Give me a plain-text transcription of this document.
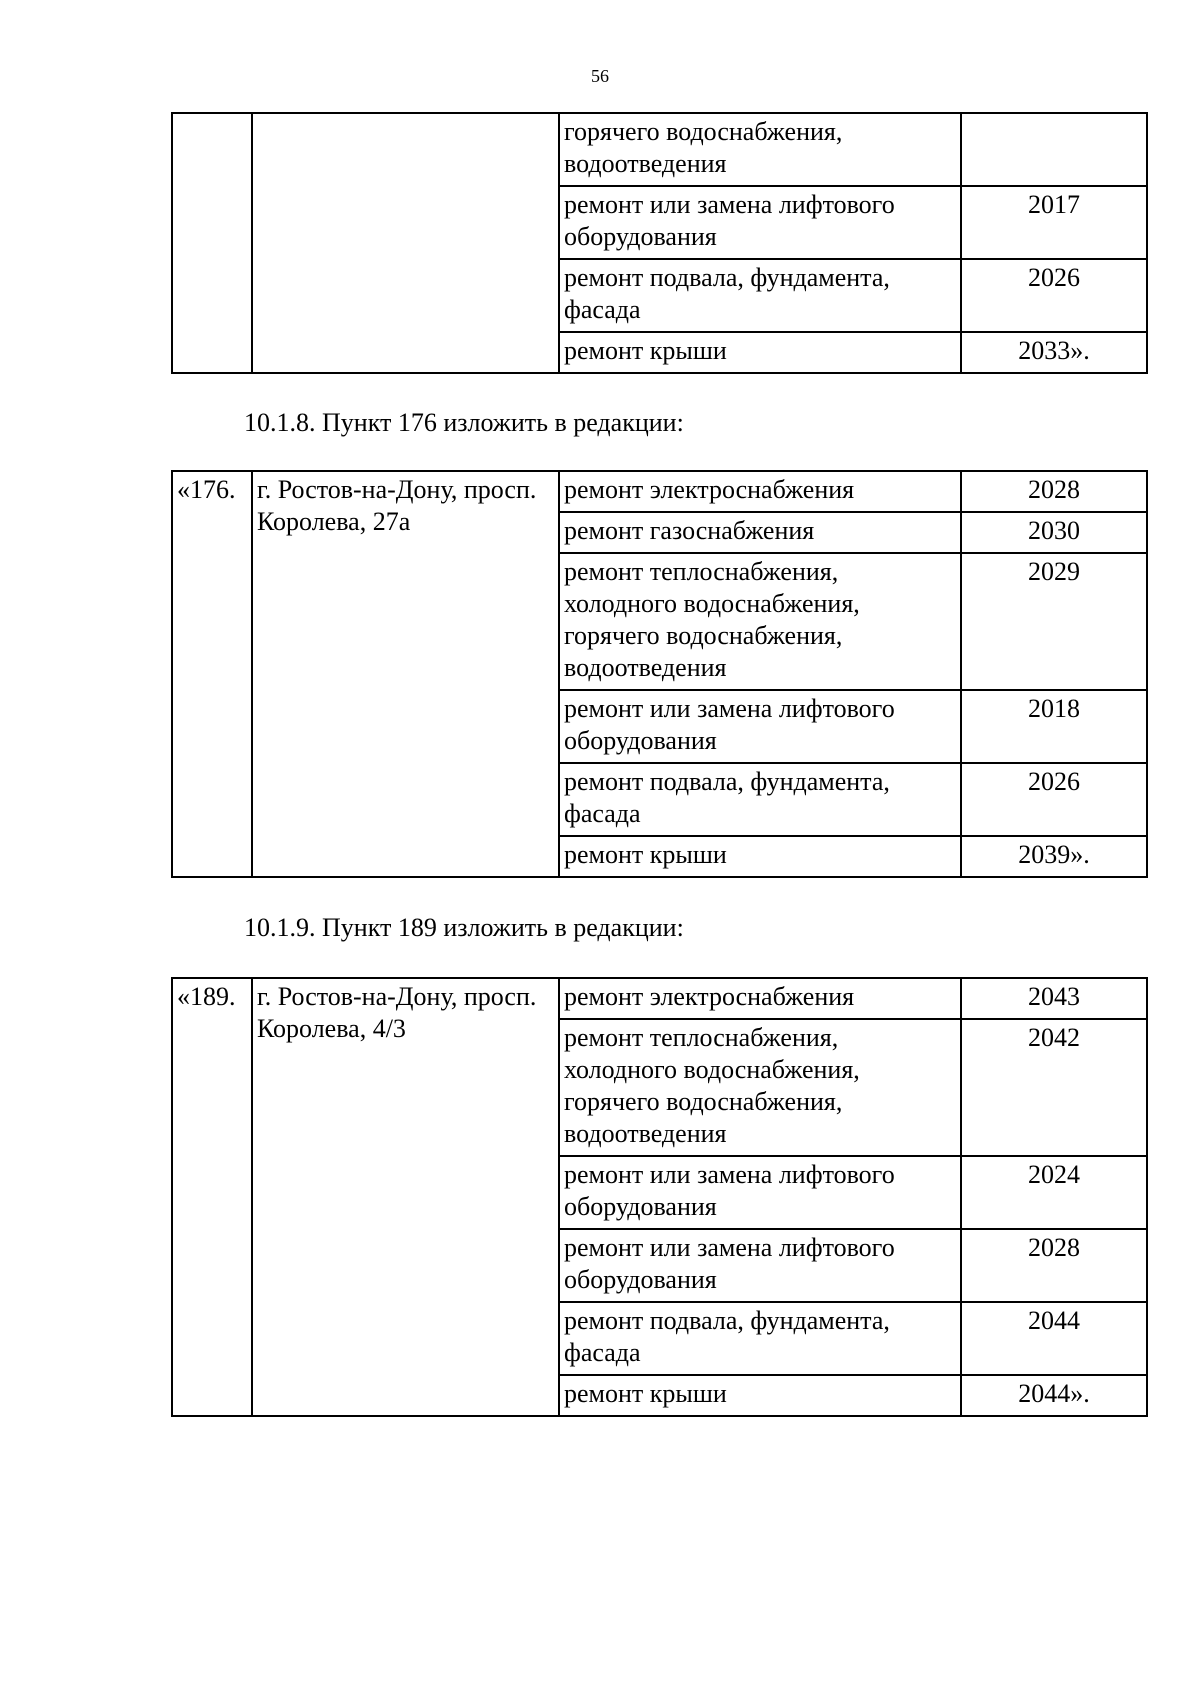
56
		горячего водоснабжения, водоотведения	
		ремонт или замена лифтового оборудования	2017
		ремонт подвала, фундамента, фасада	2026
		ремонт крыши	2033».
10.1.8. Пункт 176 изложить в редакции:
«176.	г. Ростов-на-Дону, просп. Королева, 27а	ремонт электроснабжения	2028
		ремонт газоснабжения	2030
		ремонт теплоснабжения, холодного водоснабжения, горячего водоснабжения, водоотведения	2029
		ремонт или замена лифтового оборудования	2018
		ремонт подвала, фундамента, фасада	2026
		ремонт крыши	2039».
10.1.9. Пункт 189 изложить в редакции:
«189.	г. Ростов-на-Дону, просп. Королева, 4/3	ремонт электроснабжения	2043
		ремонт теплоснабжения, холодного водоснабжения, горячего водоснабжения, водоотведения	2042
		ремонт или замена лифтового оборудования	2024
		ремонт или замена лифтового оборудования	2028
		ремонт подвала, фундамента, фасада	2044
		ремонт крыши	2044».
